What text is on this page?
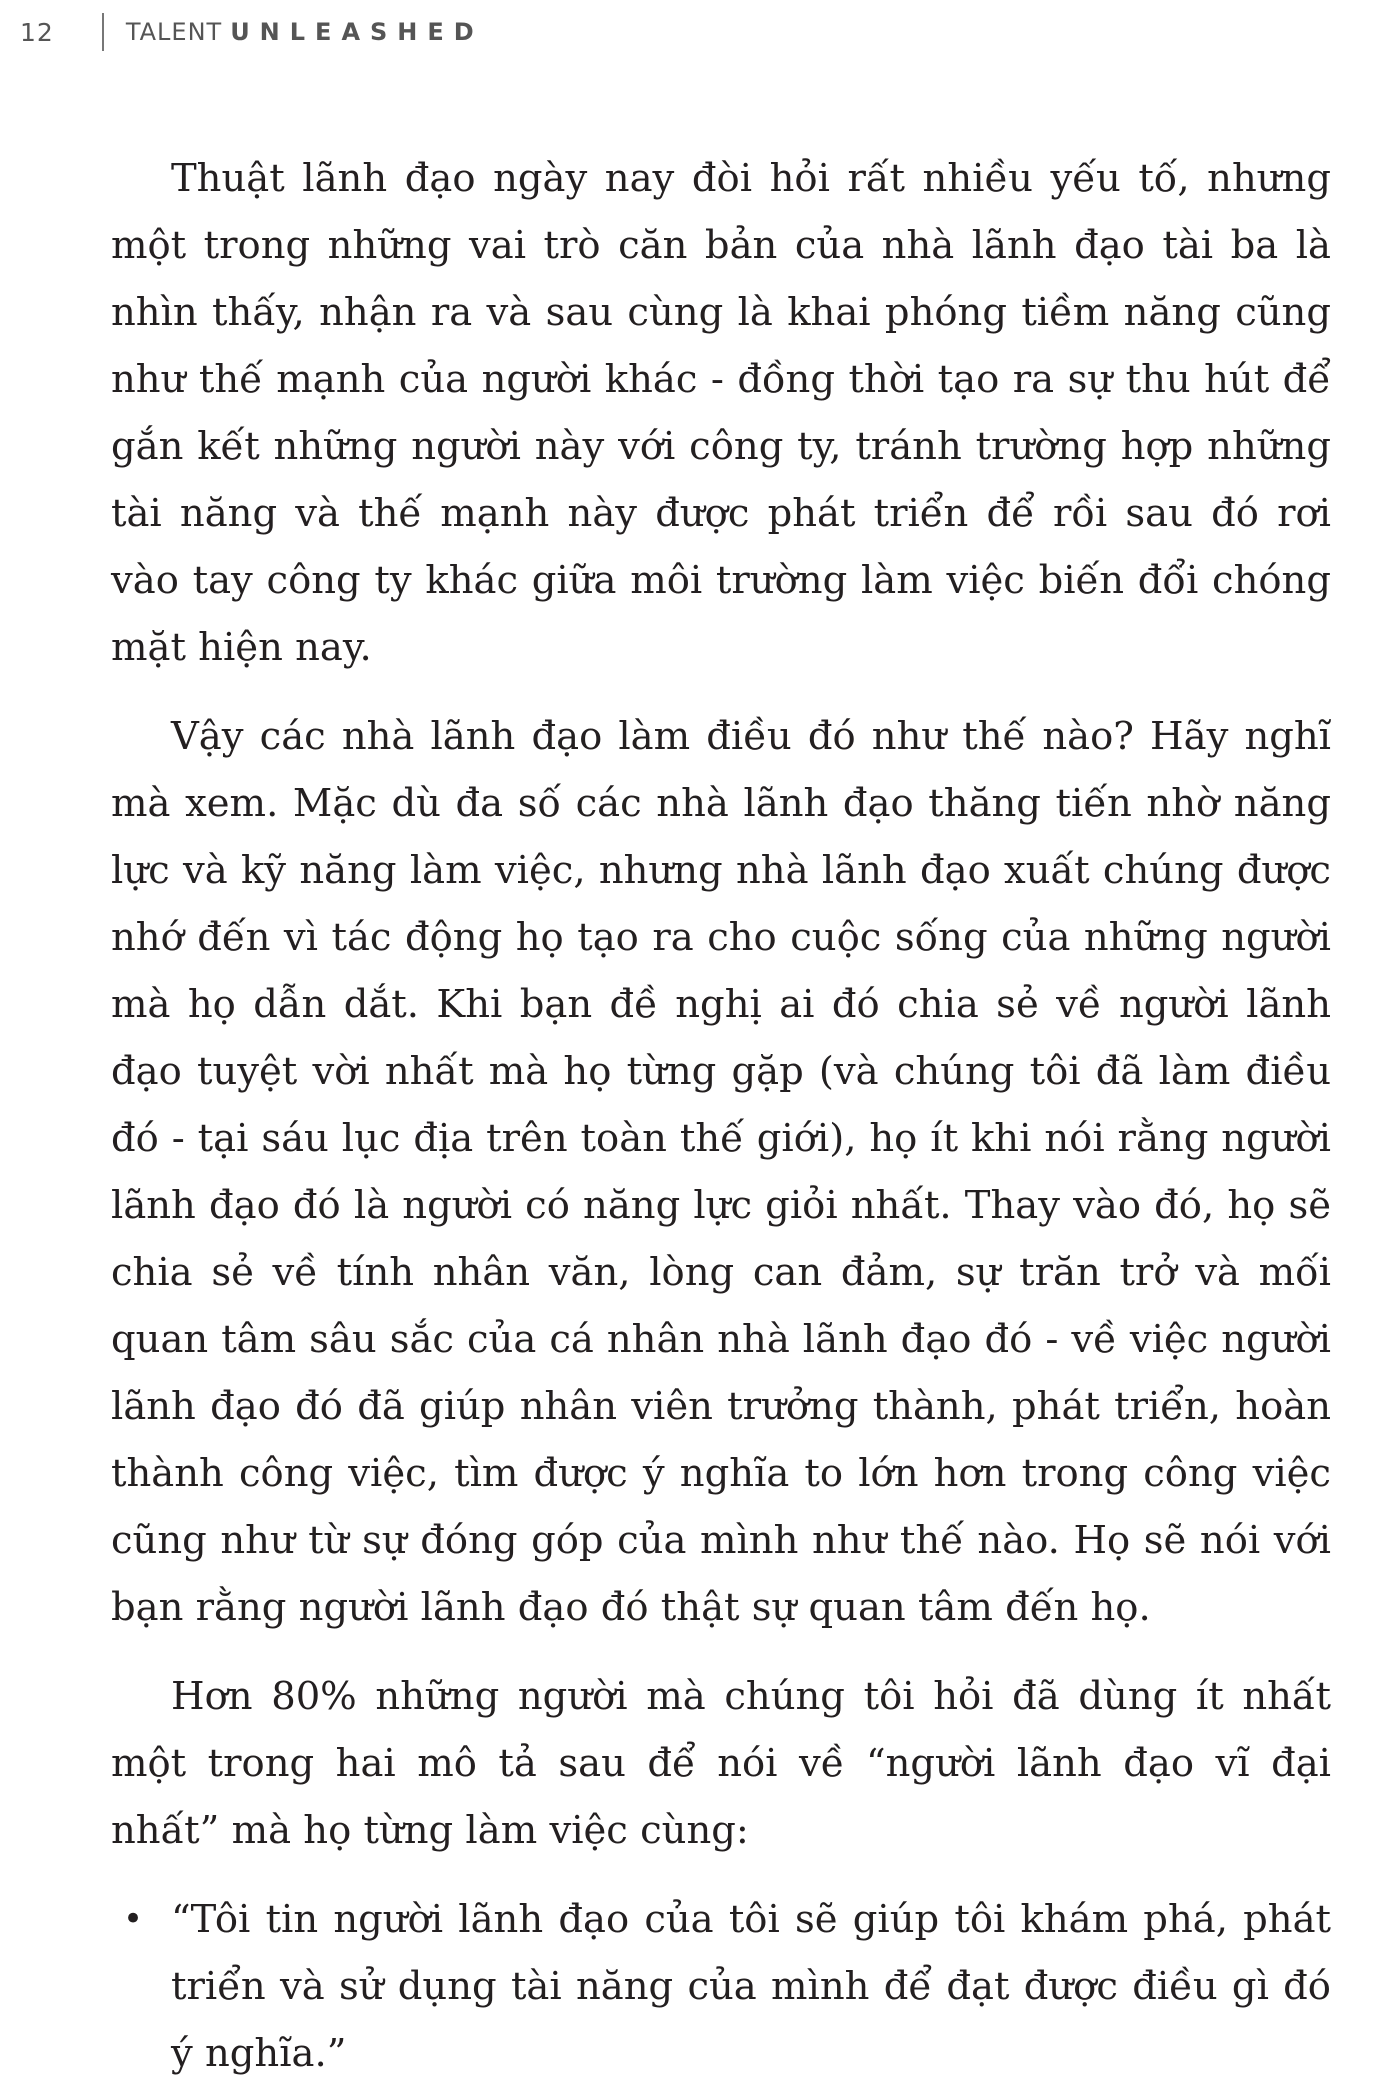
12	TALENT UNLEASHED

Thuật lãnh đạo ngày nay đòi hỏi rất nhiều yếu tố, nhưng một trong những vai trò căn bản của nhà lãnh đạo tài ba là nhìn thấy, nhận ra và sau cùng là khai phóng tiềm năng cũng như thế mạnh của người khác - đồng thời tạo ra sự thu hút để gắn kết những người này với công ty, tránh trường hợp những tài năng và thế mạnh này được phát triển để rồi sau đó rơi vào tay công ty khác giữa môi trường làm việc biến đổi chóng mặt hiện nay.

Vậy các nhà lãnh đạo làm điều đó như thế nào? Hãy nghĩ mà xem. Mặc dù đa số các nhà lãnh đạo thăng tiến nhờ năng lực và kỹ năng làm việc, nhưng nhà lãnh đạo xuất chúng được nhớ đến vì tác động họ tạo ra cho cuộc sống của những người mà họ dẫn dắt. Khi bạn đề nghị ai đó chia sẻ về người lãnh đạo tuyệt vời nhất mà họ từng gặp (và chúng tôi đã làm điều đó - tại sáu lục địa trên toàn thế giới), họ ít khi nói rằng người lãnh đạo đó là người có năng lực giỏi nhất. Thay vào đó, họ sẽ chia sẻ về tính nhân văn, lòng can đảm, sự trăn trở và mối quan tâm sâu sắc của cá nhân nhà lãnh đạo đó - về việc người lãnh đạo đó đã giúp nhân viên trưởng thành, phát triển, hoàn thành công việc, tìm được ý nghĩa to lớn hơn trong công việc cũng như từ sự đóng góp của mình như thế nào. Họ sẽ nói với bạn rằng người lãnh đạo đó thật sự quan tâm đến họ.

Hơn 80% những người mà chúng tôi hỏi đã dùng ít nhất một trong hai mô tả sau để nói về “người lãnh đạo vĩ đại nhất” mà họ từng làm việc cùng:

• “Tôi tin người lãnh đạo của tôi sẽ giúp tôi khám phá, phát triển và sử dụng tài năng của mình để đạt được điều gì đó ý nghĩa.”
